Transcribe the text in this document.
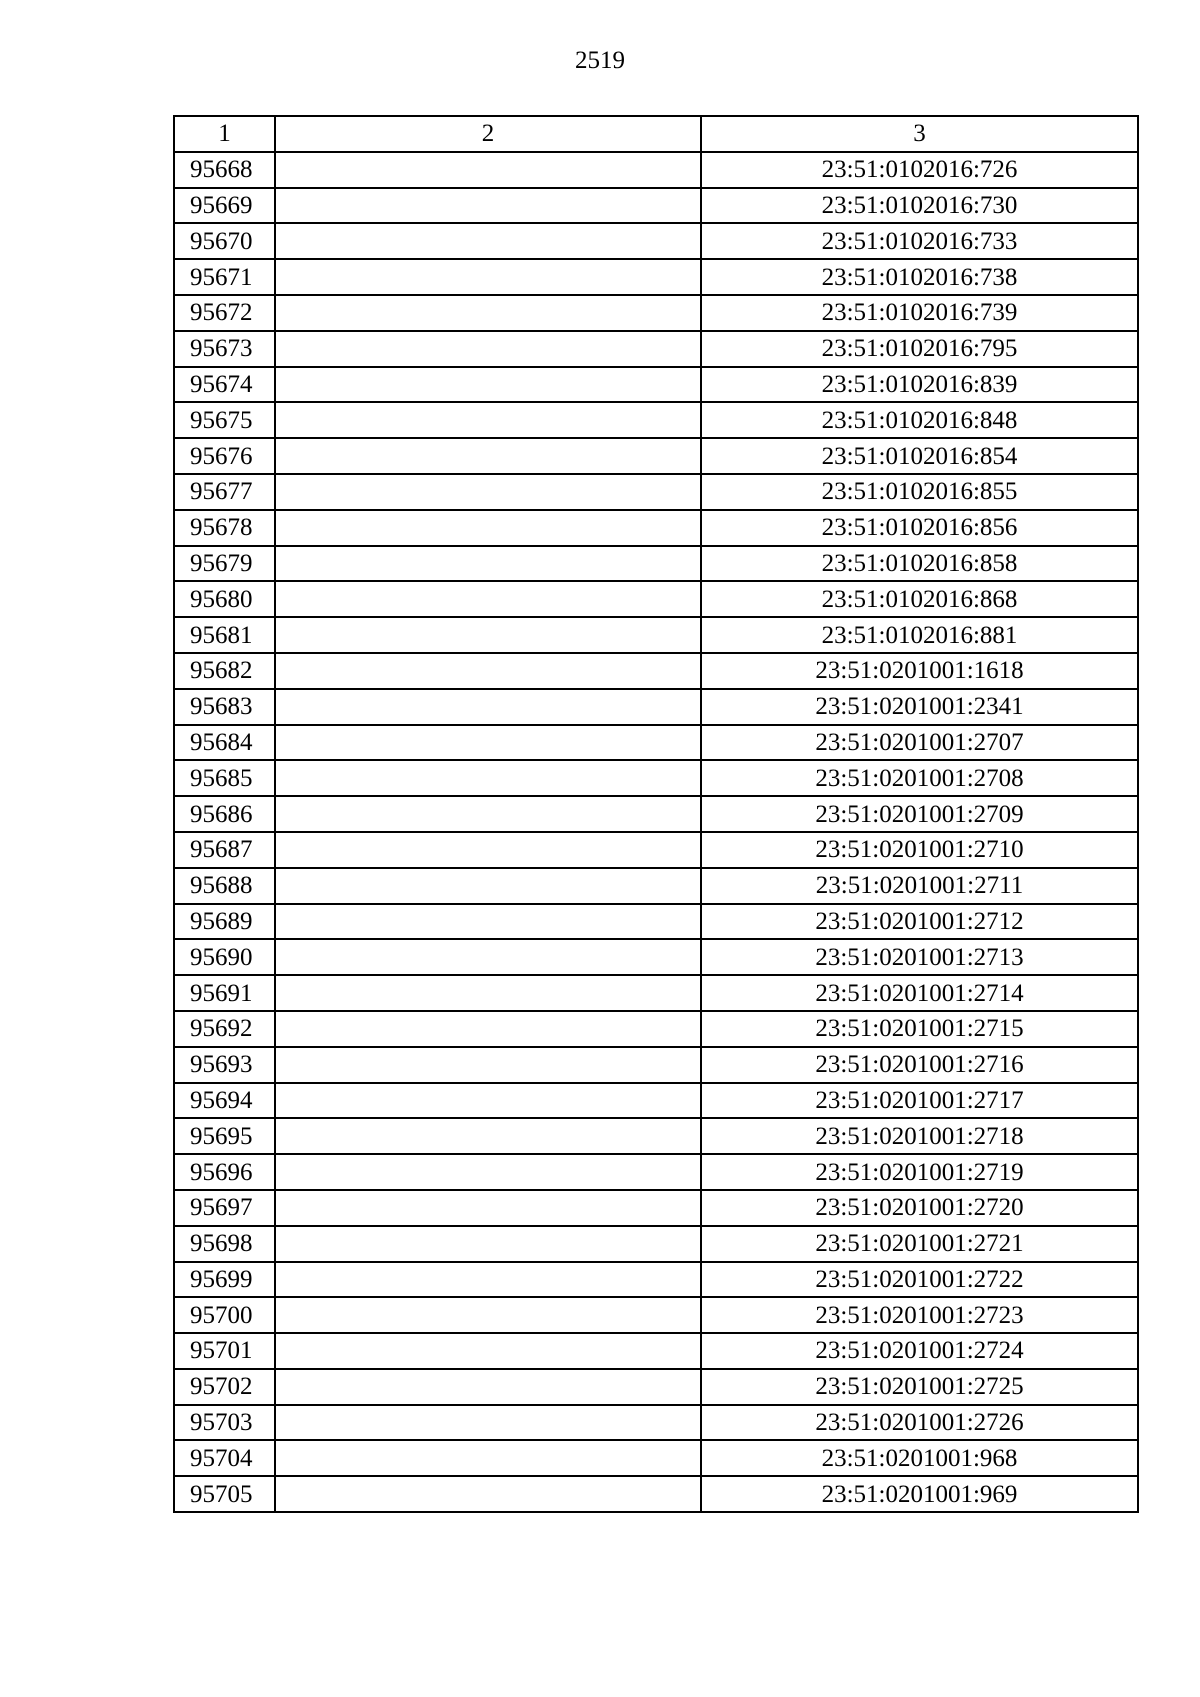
2519
1	2	3
95668		23:51:0102016:726
95669		23:51:0102016:730
95670		23:51:0102016:733
95671		23:51:0102016:738
95672		23:51:0102016:739
95673		23:51:0102016:795
95674		23:51:0102016:839
95675		23:51:0102016:848
95676		23:51:0102016:854
95677		23:51:0102016:855
95678		23:51:0102016:856
95679		23:51:0102016:858
95680		23:51:0102016:868
95681		23:51:0102016:881
95682		23:51:0201001:1618
95683		23:51:0201001:2341
95684		23:51:0201001:2707
95685		23:51:0201001:2708
95686		23:51:0201001:2709
95687		23:51:0201001:2710
95688		23:51:0201001:2711
95689		23:51:0201001:2712
95690		23:51:0201001:2713
95691		23:51:0201001:2714
95692		23:51:0201001:2715
95693		23:51:0201001:2716
95694		23:51:0201001:2717
95695		23:51:0201001:2718
95696		23:51:0201001:2719
95697		23:51:0201001:2720
95698		23:51:0201001:2721
95699		23:51:0201001:2722
95700		23:51:0201001:2723
95701		23:51:0201001:2724
95702		23:51:0201001:2725
95703		23:51:0201001:2726
95704		23:51:0201001:968
95705		23:51:0201001:969
